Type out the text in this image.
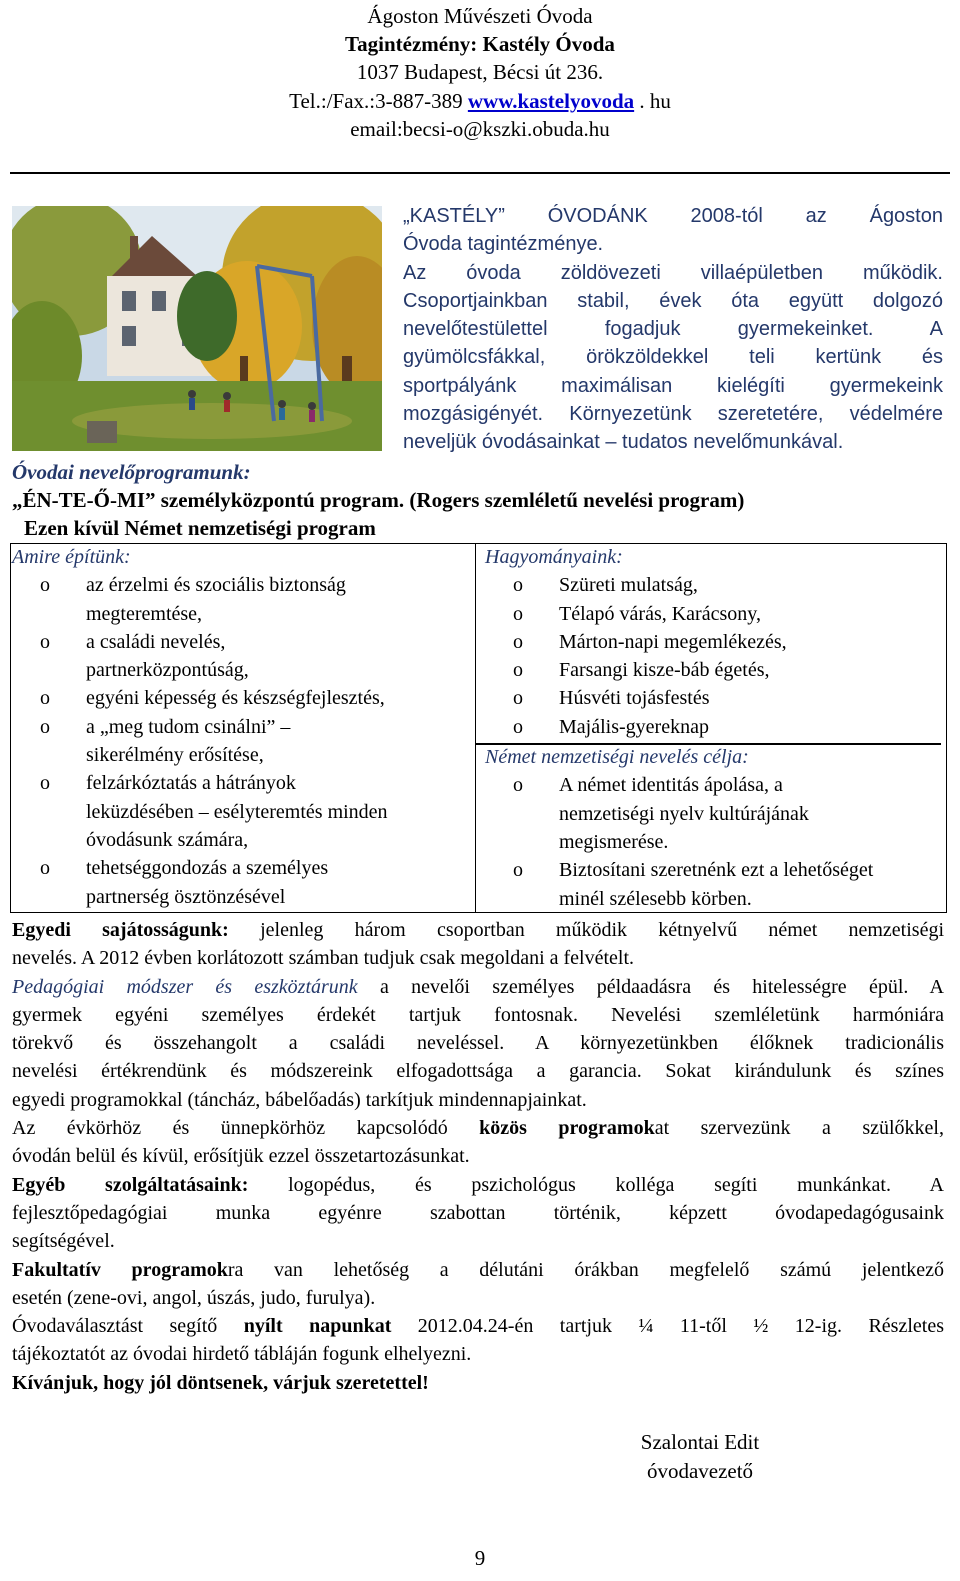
Ágoston Művészeti Óvoda
Tagintézmény: Kastély Óvoda
1037 Budapest, Bécsi út 236.
Tel.:/Fax.:3-887-389 www.kastelyovoda . hu
email:becsi-o@kszki.obuda.hu

„KASTÉLY” ÓVODÁNK 2008-tól az Ágoston

Óvoda tagintézménye.

Az óvoda zöldövezeti villaépületben működik.

Csoportjainkban stabil, évek óta együtt dolgozó

nevelőtestülettel fogadjuk gyermekeinket. A

gyümölcsfákkal, örökzöldekkel teli kertünk és

sportpályánk maximálisan kielégíti gyermekeink

mozgásigényét. Környezetünk szeretetére, védelmére

neveljük óvodásainkat – tudatos nevelőmunkával.

Óvodai nevelőprogramunk:
„ÉN-TE-Ő-MI” személyközpontú program. (Rogers szemléletű nevelési program)
Ezen kívül Német nemzetiségi program
Amire építünk:
o az érzelmi és szociális biztonság
megteremtése,
o a családi nevelés,
partnerközpontúság,
o egyéni képesség és készségfejlesztés,
o a „meg tudom csinálni” –
sikerélmény erősítése,
o felzárkóztatás a hátrányok
leküzdésében – esélyteremtés minden
óvodásunk számára,
o tehetséggondozás a személyes
partnerség ösztönzésével
Hagyományaink:
o Szüreti mulatság,
o Télapó várás, Karácsony,
o Márton-napi megemlékezés,
o Farsangi kisze-báb égetés,
o Húsvéti tojásfestés
o Majális-gyereknap
Német nemzetiségi nevelés célja:
o A német identitás ápolása, a
nemzetiségi nyelv kultúrájának
megismerése.
o Biztosítani szeretnénk ezt a lehetőséget
minél szélesebb körben.

Egyedi sajátosságunk: jelenleg három csoportban működik kétnyelvű német nemzetiségi

nevelés. A 2012 évben korlátozott számban tudjuk csak megoldani a felvételt.

Pedagógiai módszer és eszköztárunk a nevelői személyes példaadásra és hitelességre épül. A

gyermek egyéni személyes érdekét tartjuk fontosnak. Nevelési szemléletünk harmóniára

törekvő és összehangolt a családi neveléssel. A környezetünkben élőknek tradicionális

nevelési értékrendünk és módszereink elfogadottsága a garancia. Sokat kirándulunk és színes

egyedi programokkal (táncház, bábelőadás) tarkítjuk mindennapjainkat.

Az évkörhöz és ünnepkörhöz kapcsolódó közös programokat szervezünk a szülőkkel,

óvodán belül és kívül, erősítjük ezzel összetartozásunkat.

Egyéb szolgáltatásaink: logopédus, és pszichológus kolléga segíti munkánkat. A

fejlesztőpedagógiai munka egyénre szabottan történik, képzett óvodapedagógusaink

segítségével.

Fakultatív programokra van lehetőség a délutáni órákban megfelelő számú jelentkező

esetén (zene-ovi, angol, úszás, judo, furulya).

Óvodaválasztást segítő nyílt napunkat 2012.04.24-én tartjuk ¼ 11-től ½ 12-ig. Részletes

tájékoztatót az óvodai hirdető tábláján fogunk elhelyezni.

Kívánjuk, hogy jól döntsenek, várjuk szeretettel!

Szalontai Edit
óvodavezető
9
